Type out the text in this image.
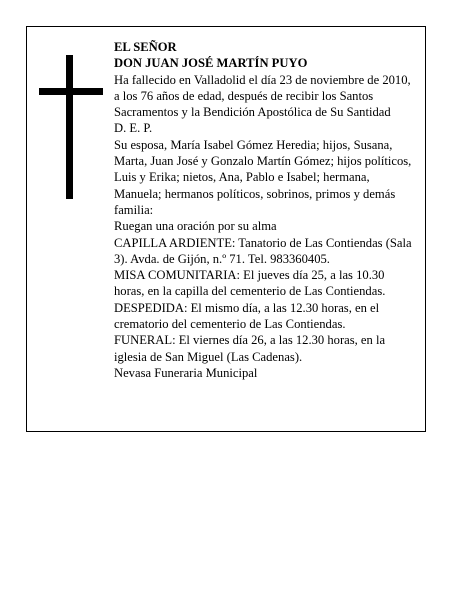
EL SEÑOR

DON JUAN JOSÉ MARTÍN PUYO

Ha fallecido en Valladolid el día 23 de noviembre de 2010, a los 76 años de edad, después de recibir los Santos Sacramentos y la Bendición Apostólica de Su Santidad

D. E. P.

Su esposa, María Isabel Gómez Heredia; hijos, Susana, Marta, Juan José y Gonzalo Martín Gómez; hijos políticos, Luis y Erika; nietos, Ana, Pablo e Isabel; hermana, Manuela; hermanos políticos, sobrinos, primos y demás familia:

Ruegan una oración por su alma

CAPILLA ARDIENTE: Tanatorio de Las Contiendas (Sala 3). Avda. de Gijón, n.º 71. Tel. 983360405.

MISA COMUNITARIA: El jueves día 25, a las 10.30 horas, en la capilla del cementerio de Las Contiendas.

DESPEDIDA: El mismo día, a las 12.30 horas, en el crematorio del cementerio de Las Contiendas.

FUNERAL: El viernes día 26, a las 12.30 horas, en la iglesia de San Miguel (Las Cadenas).

Nevasa Funeraria Municipal
